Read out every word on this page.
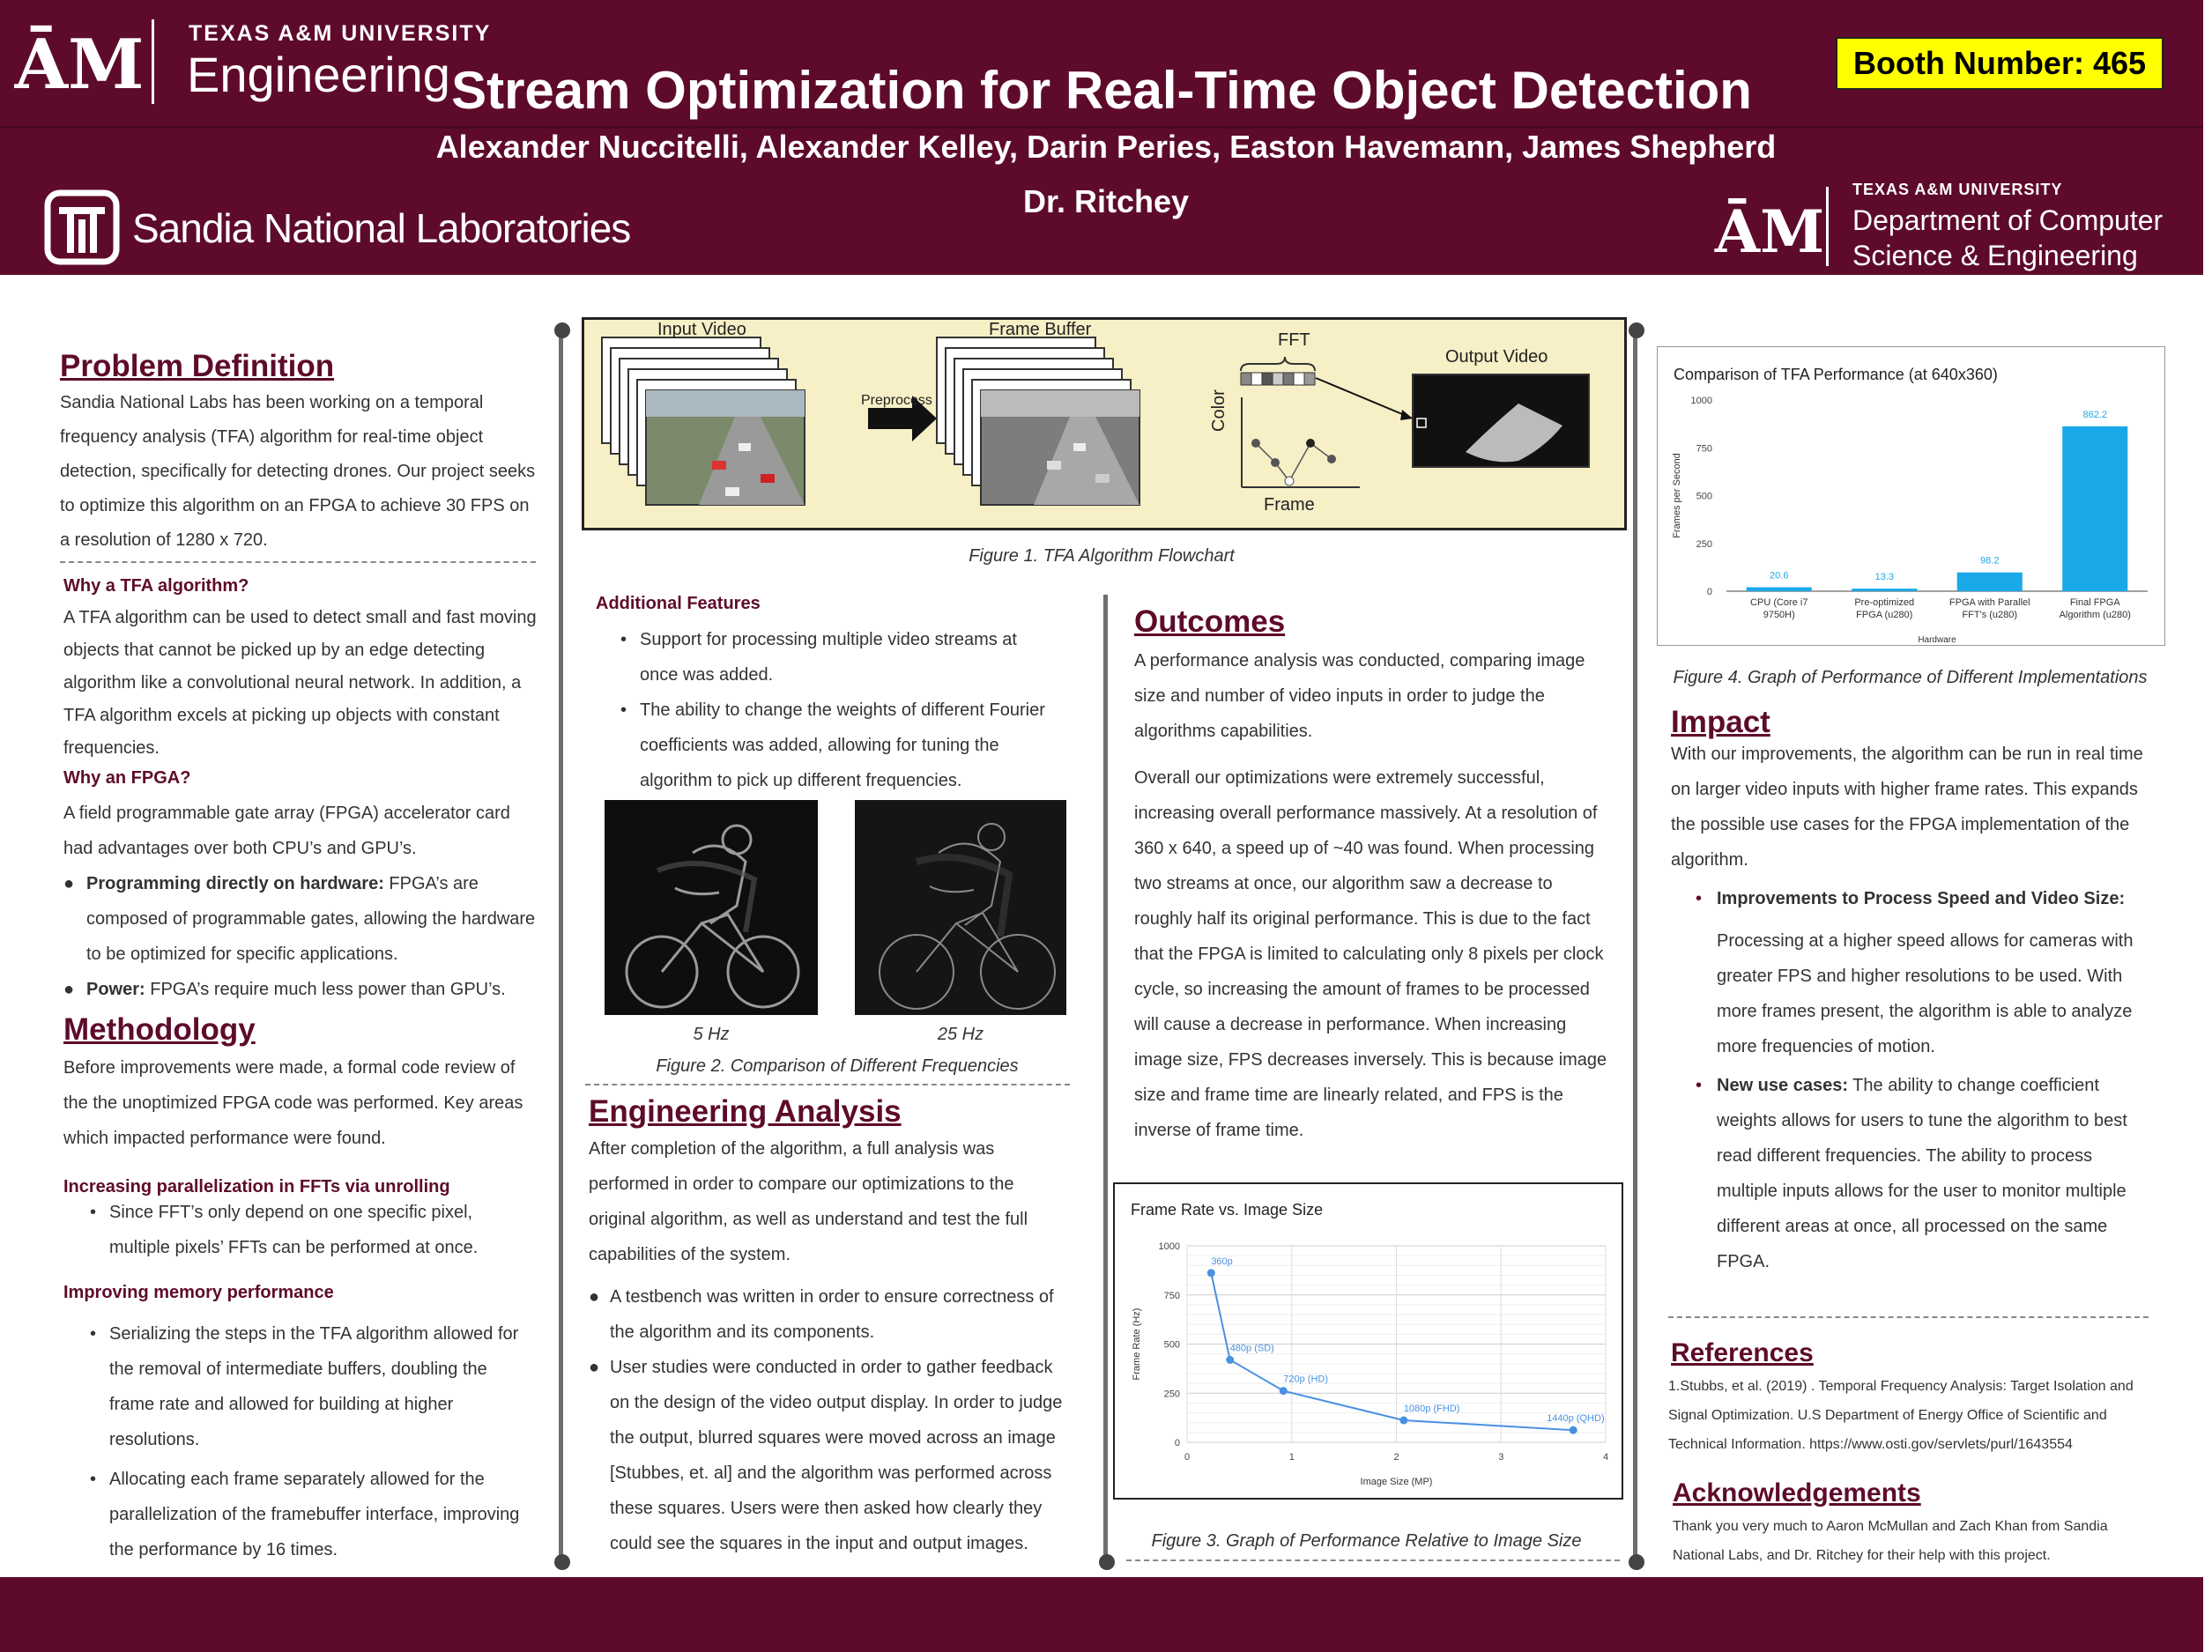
ĀM TEXAS A&M UNIVERSITY
Engineering Stream Optimization for Real-Time Object Detection
Alexander Nuccitelli, Alexander Kelley, Darin Peries, Easton Havemann, James Shepherd
Dr. Ritchey
Sandia National Laboratories	ĀM
TEXAS A&M UNIVERSITY
Department of Computer
Science & Engineering
Booth Number: 465
Problem Definition
Sandia National Labs has been working on a temporal frequency analysis (TFA) algorithm for real-time object detection, specifically for detecting drones. Our project seeks to optimize this algorithm on an FPGA to achieve 30 FPS on a resolution of 1280 x 720.
Why a TFA algorithm?
A TFA algorithm can be used to detect small and fast moving objects that cannot be picked up by an edge detecting algorithm like a convolutional neural network. In addition, a TFA algorithm excels at picking up objects with constant frequencies.
Why an FPGA?
A field programmable gate array (FPGA) accelerator card had advantages over both CPU’s and GPU’s.
● Programming directly on hardware: FPGA’s are composed of programmable gates, allowing the hardware to be optimized for specific applications.
● Power: FPGA’s require much less power than GPU’s.
Methodology
Before improvements were made, a formal code review of the the unoptimized FPGA code was performed. Key areas which impacted performance were found.
Increasing parallelization in FFTs via unrolling
• Since FFT’s only depend on one specific pixel, multiple pixels’ FFTs can be performed at once.
Improving memory performance
• Serializing the steps in the TFA algorithm allowed for the removal of intermediate buffers, doubling the frame rate and allowed for building at higher resolutions.
• Allocating each frame separately allowed for the parallelization of the framebuffer interface, improving the performance by 16 times.
Input Video
Preprocess
Frame Buffer
FFT
Color
Frame
Output Video
Figure 1. TFA Algorithm Flowchart
Additional Features
• Support for processing multiple video streams at once was added.
• The ability to change the weights of different Fourier coefficients was added, allowing for tuning the algorithm to pick up different frequencies.
5 Hz	25 Hz
Figure 2. Comparison of Different Frequencies
Engineering Analysis
After completion of the algorithm, a full analysis was performed in order to compare our optimizations to the original algorithm, as well as understand and test the full capabilities of the system.
● A testbench was written in order to ensure correctness of the algorithm and its components.
● User studies were conducted in order to gather feedback on the design of the video output display. In order to judge the output, blurred squares were moved across an image [Stubbes, et. al] and the algorithm was performed across these squares. Users were then asked how clearly they could see the squares in the input and output images.
Outcomes
A performance analysis was conducted, comparing image size and number of video inputs in order to judge the algorithms capabilities.
Overall our optimizations were extremely successful, increasing overall performance massively. At a resolution of 360 x 640, a speed up of ~40 was found. When processing two streams at once, our algorithm saw a decrease to roughly half its original performance. This is due to the fact that the FPGA is limited to calculating only 8 pixels per clock cycle, so increasing the amount of frames to be processed will cause a decrease in performance. When increasing image size, FPS decreases inversely. This is because image size and frame time are linearly related, and FPS is the inverse of frame time.
Frame Rate vs. Image Size
0
250
500
750
1000
0	1	2	3	4
Image Size (MP)
Frame Rate (Hz)
360p
480p (SD)
720p (HD)
1080p (FHD)
1440p (QHD)
Figure 3. Graph of Performance Relative to Image Size
Comparison of TFA Performance (at 640x360)
0
250
500
750
1000
Frames per Second
Hardware
20.6
CPU (Core i7
9750H)
13.3
Pre-optimized
FPGA (u280)
98.2
FPGA with Parallel
FFT's (u280)
862.2
Final FPGA
Algorithm (u280)
Figure 4. Graph of Performance of Different Implementations
Impact
With our improvements, the algorithm can be run in real time on larger video inputs with higher frame rates. This expands the possible use cases for the FPGA implementation of the algorithm.
• Improvements to Process Speed and Video Size:
Processing at a higher speed allows for cameras with greater FPS and higher resolutions to be used. With more frames present, the algorithm is able to analyze more frequencies of motion.
• New use cases: The ability to change coefficient weights allows for users to tune the algorithm to best read different frequencies. The ability to process multiple inputs allows for the user to monitor multiple different areas at once, all processed on the same FPGA.
References
1.Stubbs, et al. (2019) . Temporal Frequency Analysis: Target Isolation and Signal Optimization. U.S Department of Energy Office of Scientific and Technical Information. https://www.osti.gov/servlets/purl/1643554
Acknowledgements
Thank you very much to Aaron McMullan and Zach Khan from Sandia National Labs, and Dr. Ritchey for their help with this project.
